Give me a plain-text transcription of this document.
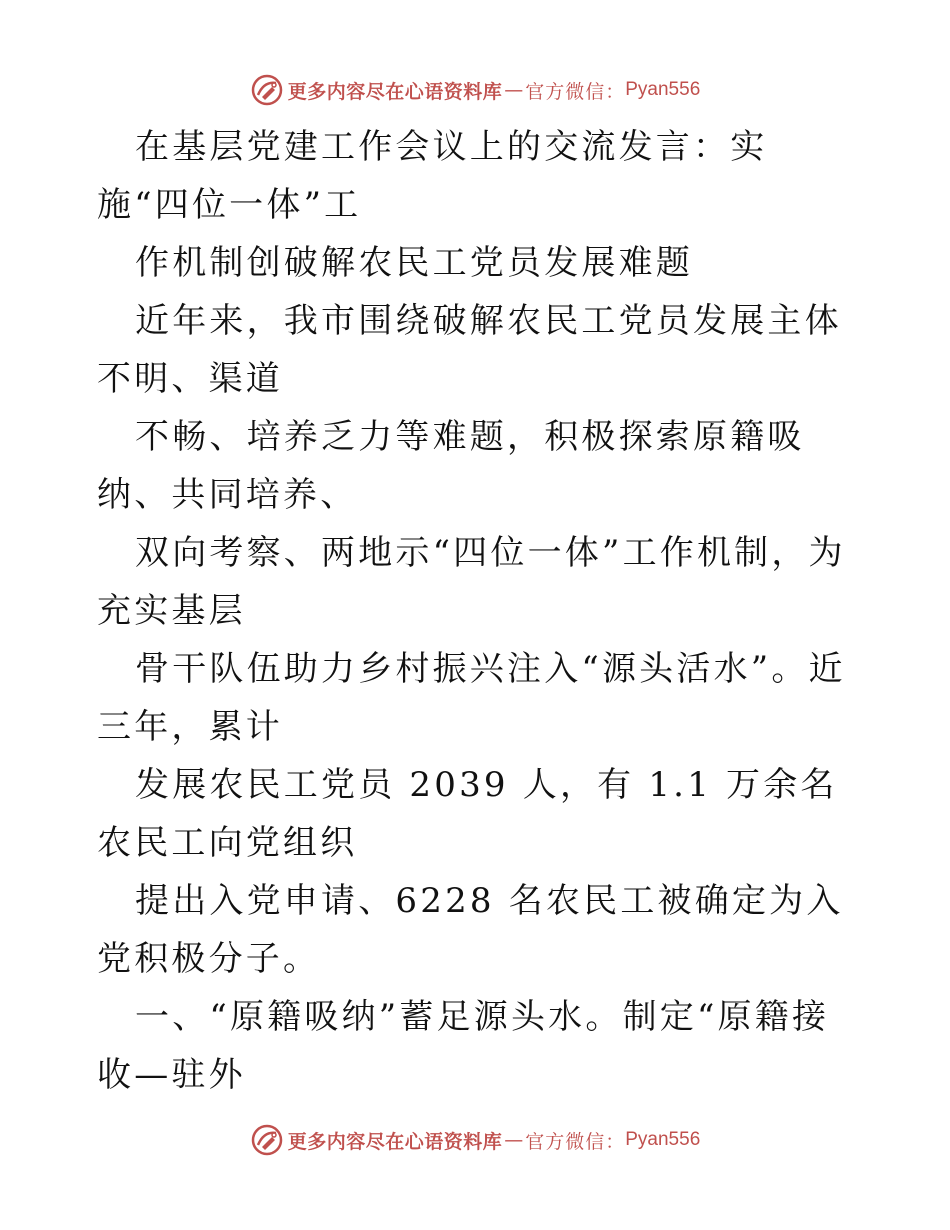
更多内容尽在心语资料库 — 官方微信： Pyan556

在基层党建工作会议上的交流发言：实施“四位一体”工

作机制创破解农民工党员发展难题

近年来，我市围绕破解农民工党员发展主体不明、渠道

不畅、培养乏力等难题，积极探索原籍吸纳、共同培养、

双向考察、两地示“四位一体”工作机制，为充实基层

骨干队伍助力乡村振兴注入“源头活水”。近三年，累计

发展农民工党员 2039 人，有 1.1 万余名农民工向党组织

提出入党申请、6228 名农民工被确定为入党积极分子。

一、“原籍吸纳”蓄足源头水。制定“原籍接收—驻外

更多内容尽在心语资料库 — 官方微信： Pyan556
